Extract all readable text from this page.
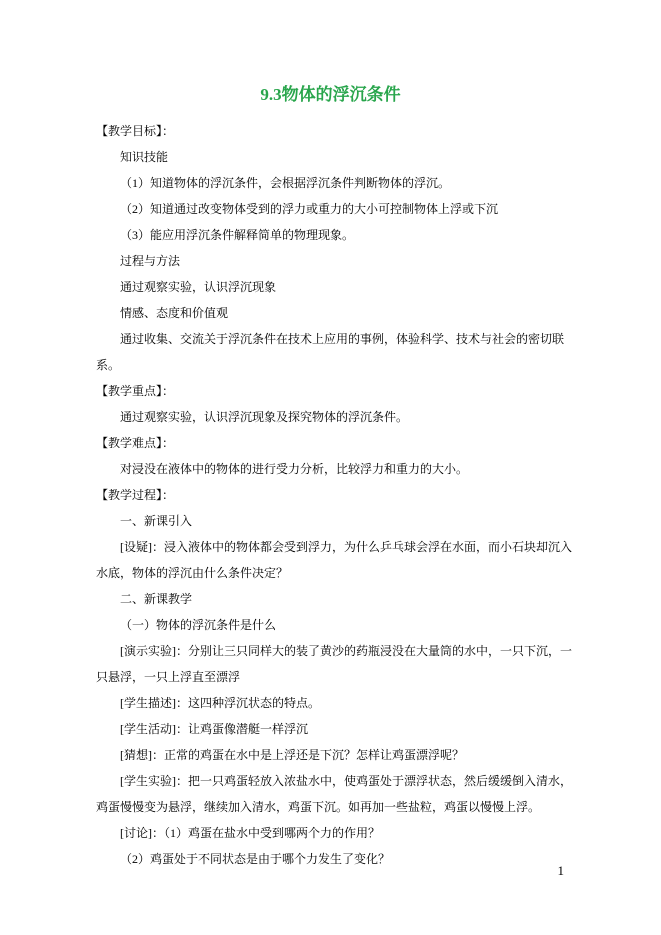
9.3物体的浮沉条件

【教学目标】：

知识技能

（1）知道物体的浮沉条件，会根据浮沉条件判断物体的浮沉。

（2）知道通过改变物体受到的浮力或重力的大小可控制物体上浮或下沉

（3）能应用浮沉条件解释简单的物理现象。

过程与方法

通过观察实验，认识浮沉现象

情感、态度和价值观

通过收集、交流关于浮沉条件在技术上应用的事例，体验科学、技术与社会的密切联系。

【教学重点】：

通过观察实验，认识浮沉现象及探究物体的浮沉条件。

【教学难点】：

对浸没在液体中的物体的进行受力分析，比较浮力和重力的大小。

【教学过程】：

一、新课引入

[设疑]：浸入液体中的物体都会受到浮力，为什么乒乓球会浮在水面，而小石块却沉入水底，物体的浮沉由什么条件决定？

二、新课教学

（一）物体的浮沉条件是什么

[演示实验]：分别让三只同样大的装了黄沙的药瓶浸没在大量筒的水中，一只下沉，一只悬浮，一只上浮直至漂浮

[学生描述]：这四种浮沉状态的特点。

[学生活动]：让鸡蛋像潜艇一样浮沉

[猜想]：正常的鸡蛋在水中是上浮还是下沉？怎样让鸡蛋漂浮呢？

[学生实验]：把一只鸡蛋轻放入浓盐水中，使鸡蛋处于漂浮状态，然后缓缓倒入清水，鸡蛋慢慢变为悬浮，继续加入清水，鸡蛋下沉。如再加一些盐粒，鸡蛋以慢慢上浮。

[讨论]：（1）鸡蛋在盐水中受到哪两个力的作用？

（2）鸡蛋处于不同状态是由于哪个力发生了变化？

1
